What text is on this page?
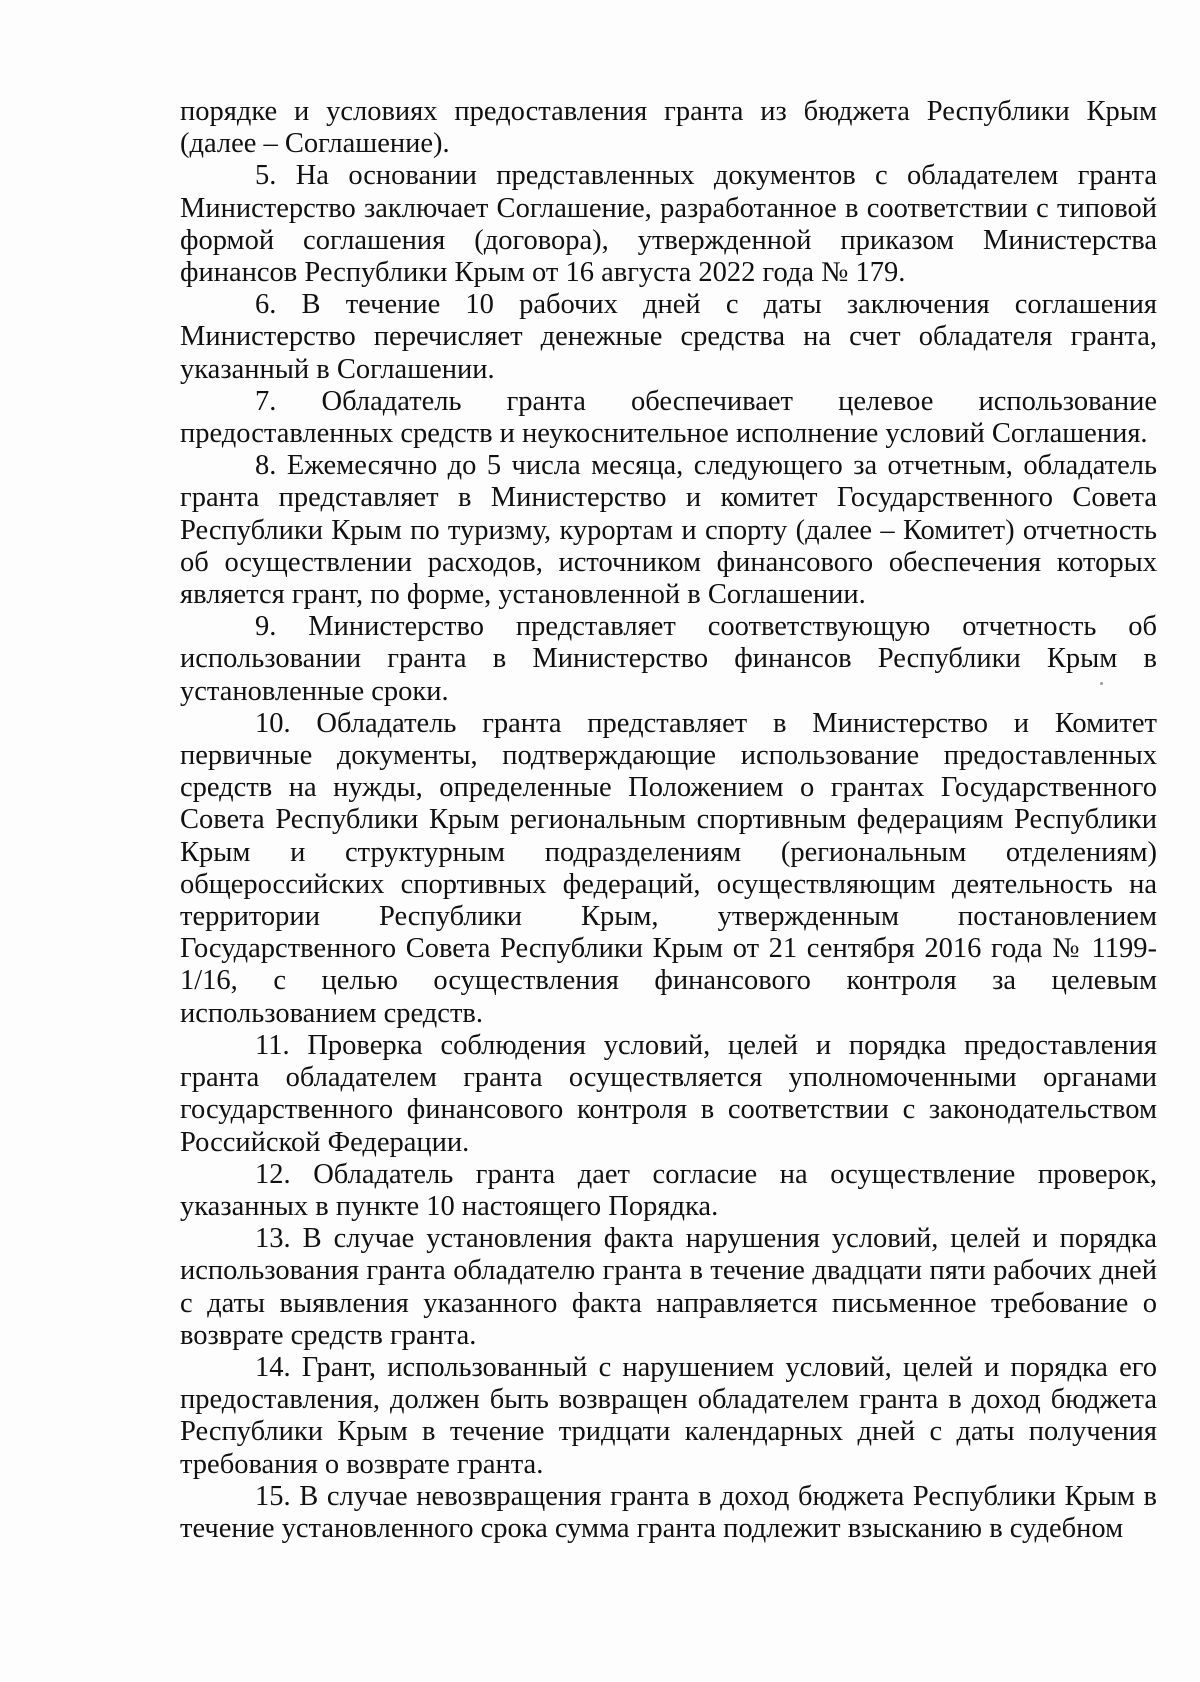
порядке и условиях предоставления гранта из бюджета Республики Крым (далее – Соглашение).

5. На основании представленных документов с обладателем гранта Министерство заключает Соглашение, разработанное в соответствии с типовой формой соглашения (договора), утвержденной приказом Министерства финансов Республики Крым от 16 августа 2022 года № 179.

6. В течение 10 рабочих дней с даты заключения соглашения Министерство перечисляет денежные средства на счет обладателя гранта, указанный в Соглашении.

7. Обладатель гранта обеспечивает целевое использование предоставленных средств и неукоснительное исполнение условий Соглашения.

8. Ежемесячно до 5 числа месяца, следующего за отчетным, обладатель гранта представляет в Министерство и комитет Государственного Совета Республики Крым по туризму, курортам и спорту (далее – Комитет) отчетность об осуществлении расходов, источником финансового обеспечения которых является грант, по форме, установленной в Соглашении.

9. Министерство представляет соответствующую отчетность об использовании гранта в Министерство финансов Республики Крым в установленные сроки.

10. Обладатель гранта представляет в Министерство и Комитет первичные документы, подтверждающие использование предоставленных средств на нужды, определенные Положением о грантах Государственного Совета Республики Крым региональным спортивным федерациям Республики Крым и структурным подразделениям (региональным отделениям) общероссийских спортивных федераций, осуществляющим деятельность на территории Республики Крым, утвержденным постановлением Государственного Совета Республики Крым от 21 сентября 2016 года № 1199-1/16, с целью осуществления финансового контроля за целевым использованием средств.

11. Проверка соблюдения условий, целей и порядка предоставления гранта обладателем гранта осуществляется уполномоченными органами государственного финансового контроля в соответствии с законодательством Российской Федерации.

12. Обладатель гранта дает согласие на осуществление проверок, указанных в пункте 10 настоящего Порядка.

13. В случае установления факта нарушения условий, целей и порядка использования гранта обладателю гранта в течение двадцати пяти рабочих дней с даты выявления указанного факта направляется письменное требование о возврате средств гранта.

14. Грант, использованный с нарушением условий, целей и порядка его предоставления, должен быть возвращен обладателем гранта в доход бюджета Республики Крым в течение тридцати календарных дней с даты получения требования о возврате гранта.

15. В случае невозвращения гранта в доход бюджета Республики Крым в течение установленного срока сумма гранта подлежит взысканию в судебном
